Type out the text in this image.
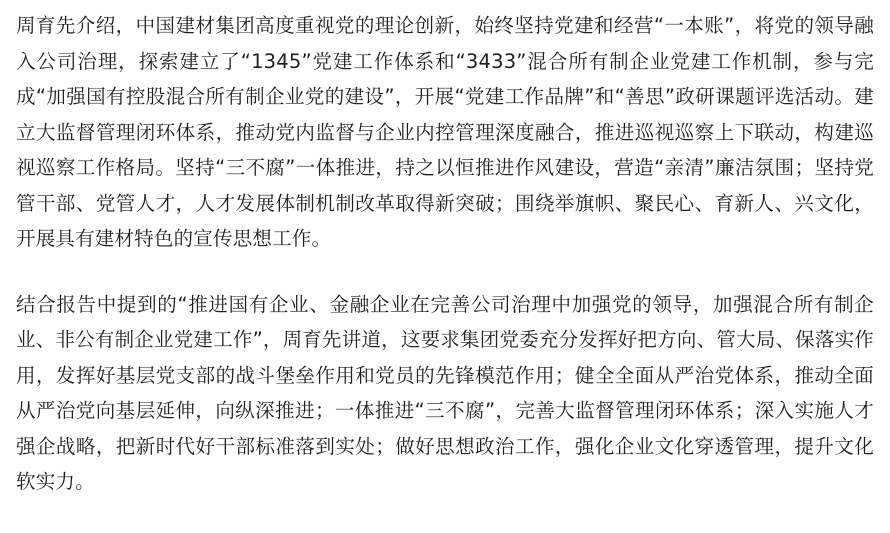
周育先介绍，中国建材集团高度重视党的理论创新，始终坚持党建和经营“一本账”，将党的领导融入公司治理，探索建立了“1345”党建工作体系和“3433”混合所有制企业党建工作机制，参与完成“加强国有控股混合所有制企业党的建设”，开展“党建工作品牌”和“善思”政研课题评选活动。建立大监督管理闭环体系，推动党内监督与企业内控管理深度融合，推进巡视巡察上下联动，构建巡视巡察工作格局。坚持“三不腐”一体推进，持之以恒推进作风建设，营造“亲清”廉洁氛围；坚持党管干部、党管人才，人才发展体制机制改革取得新突破；围绕举旗帜、聚民心、育新人、兴文化，开展具有建材特色的宣传思想工作。

结合报告中提到的“推进国有企业、金融企业在完善公司治理中加强党的领导，加强混合所有制企业、非公有制企业党建工作”，周育先讲道，这要求集团党委充分发挥好把方向、管大局、保落实作用，发挥好基层党支部的战斗堡垒作用和党员的先锋模范作用；健全全面从严治党体系，推动全面从严治党向基层延伸，向纵深推进；一体推进“三不腐”，完善大监督管理闭环体系；深入实施人才强企战略，把新时代好干部标准落到实处；做好思想政治工作，强化企业文化穿透管理，提升文化软实力。
